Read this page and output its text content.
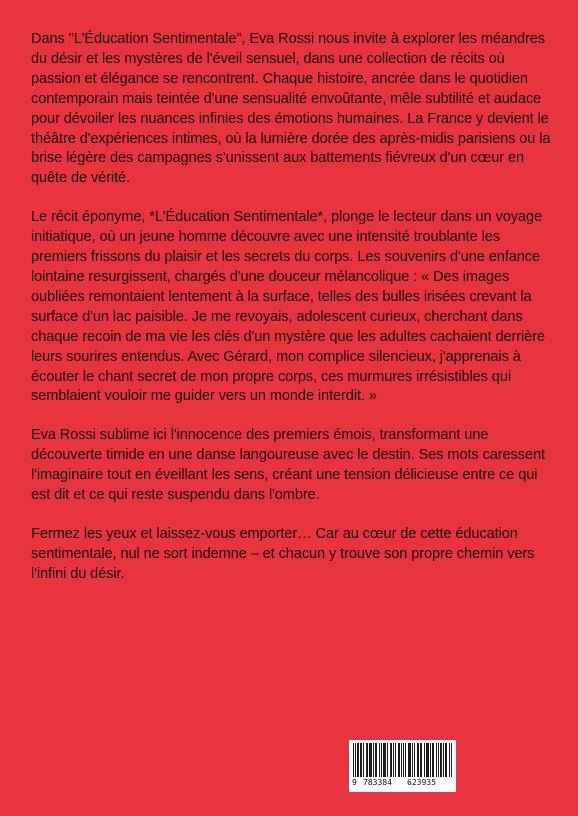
Dans "L'Éducation Sentimentale", Eva Rossi nous invite à explorer les méandres du désir et les mystères de l'éveil sensuel, dans une collection de récits où passion et élégance se rencontrent. Chaque histoire, ancrée dans le quotidien contemporain mais teintée d'une sensualité envoûtante, mêle subtilité et audace pour dévoiler les nuances infinies des émotions humaines. La France y devient le théâtre d'expériences intimes, où la lumière dorée des après-midis parisiens ou la brise légère des campagnes s'unissent aux battements fiévreux d'un cœur en quête de vérité.

Le récit éponyme, *L'Éducation Sentimentale*, plonge le lecteur dans un voyage initiatique, où un jeune homme découvre avec une intensité troublante les premiers frissons du plaisir et les secrets du corps. Les souvenirs d'une enfance lointaine resurgissent, chargés d'une douceur mélancolique : « Des images oubliées remontaient lentement à la surface, telles des bulles irisées crevant la surface d'un lac paisible. Je me revoyais, adolescent curieux, cherchant dans chaque recoin de ma vie les clés d'un mystère que les adultes cachaient derrière leurs sourires entendus. Avec Gérard, mon complice silencieux, j'apprenais à écouter le chant secret de mon propre corps, ces murmures irrésistibles qui semblaient vouloir me guider vers un monde interdit. »

Eva Rossi sublime ici l'innocence des premiers émois, transformant une découverte timide en une danse langoureuse avec le destin. Ses mots caressent l'imaginaire tout en éveillant les sens, créant une tension délicieuse entre ce qui est dit et ce qui reste suspendu dans l'ombre.

Fermez les yeux et laissez-vous emporter… Car au cœur de cette éducation sentimentale, nul ne sort indemne – et chacun y trouve son propre chemin vers l'infini du désir.

9 783384 623935
